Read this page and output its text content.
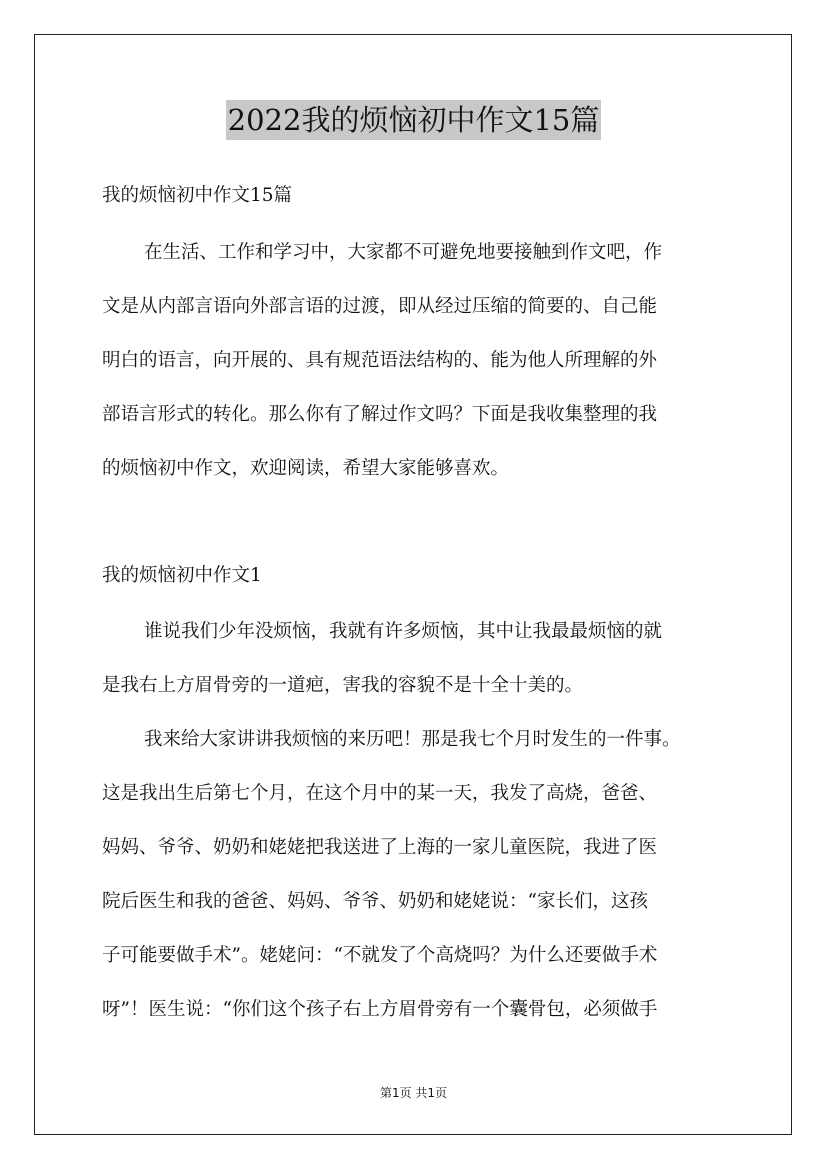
2022我的烦恼初中作文15篇
我的烦恼初中作文15篇
在生活、工作和学习中，大家都不可避免地要接触到作文吧，作
文是从内部言语向外部言语的过渡，即从经过压缩的简要的、自己能
明白的语言，向开展的、具有规范语法结构的、能为他人所理解的外
部语言形式的转化。那么你有了解过作文吗？下面是我收集整理的我
的烦恼初中作文，欢迎阅读，希望大家能够喜欢。
我的烦恼初中作文1
谁说我们少年没烦恼，我就有许多烦恼，其中让我最最烦恼的就
是我右上方眉骨旁的一道疤，害我的容貌不是十全十美的。
我来给大家讲讲我烦恼的来历吧！那是我七个月时发生的一件事。
这是我出生后第七个月，在这个月中的某一天，我发了高烧，爸爸、
妈妈、爷爷、奶奶和姥姥把我送进了上海的一家儿童医院，我进了医
院后医生和我的爸爸、妈妈、爷爷、奶奶和姥姥说：“家长们，这孩
子可能要做手术”。姥姥问：“不就发了个高烧吗？为什么还要做手术
呀”！医生说：“你们这个孩子右上方眉骨旁有一个囊骨包，必须做手
第1页 共1页
